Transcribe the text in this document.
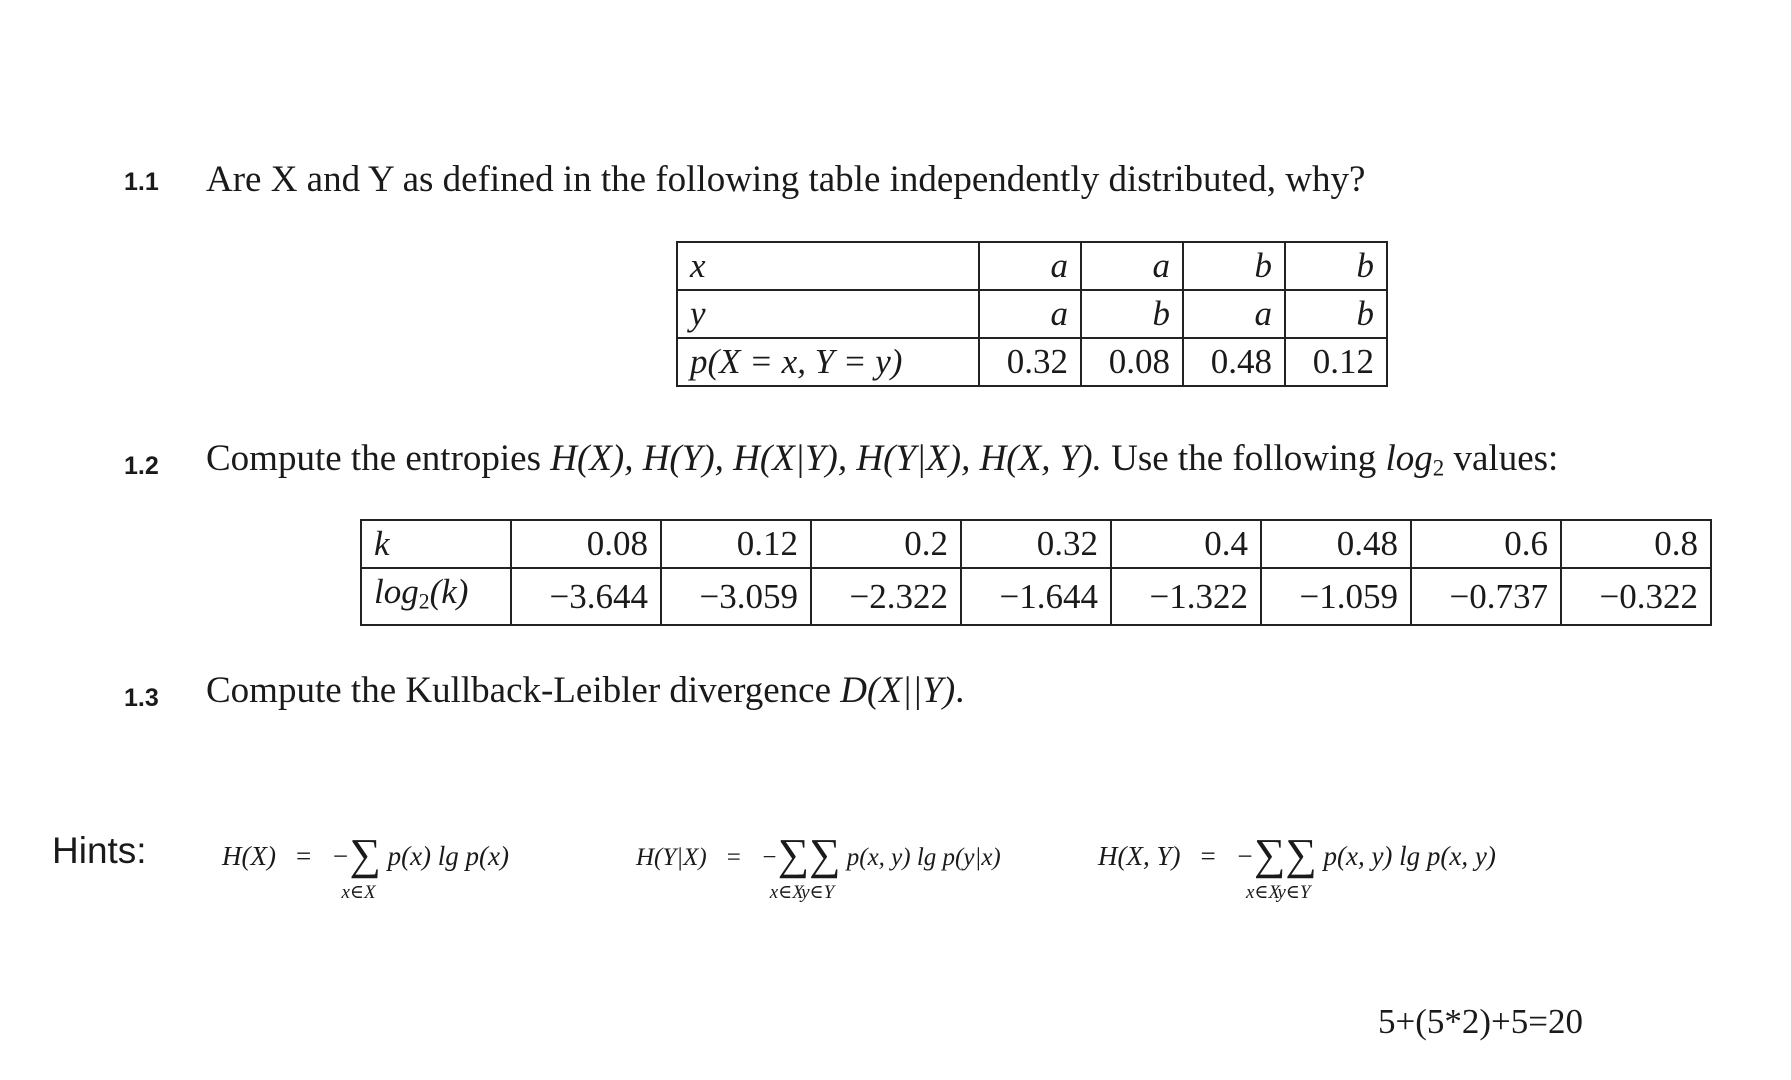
1.1 Are X and Y as defined in the following table independently distributed, why?
x	a	a	b	b
y	a	b	a	b
p(X = x, Y = y)	0.32	0.08	0.48	0.12
1.2 Compute the entropies H(X), H(Y), H(X|Y), H(Y|X), H(X, Y). Use the following $\log_2$ values:
k	0.08	0.12	0.2	0.32	0.4	0.48	0.6	0.8
$\log_2(k)$	−3.644	−3.059	−2.322	−1.644	−1.322	−1.059	−0.737	−0.322
1.3 Compute the Kullback-Leibler divergence D(X||Y).
Hints:	H(X) = −∑
x∈X
p(x) lg p(x)	H(Y|X) = −∑
x∈X
∑
y∈Y
p(x, y) lg p(y|x)	H(X, Y) = −∑
x∈X
∑
y∈Y
p(x, y) lg p(x, y)
5+(5*2)+5=20
